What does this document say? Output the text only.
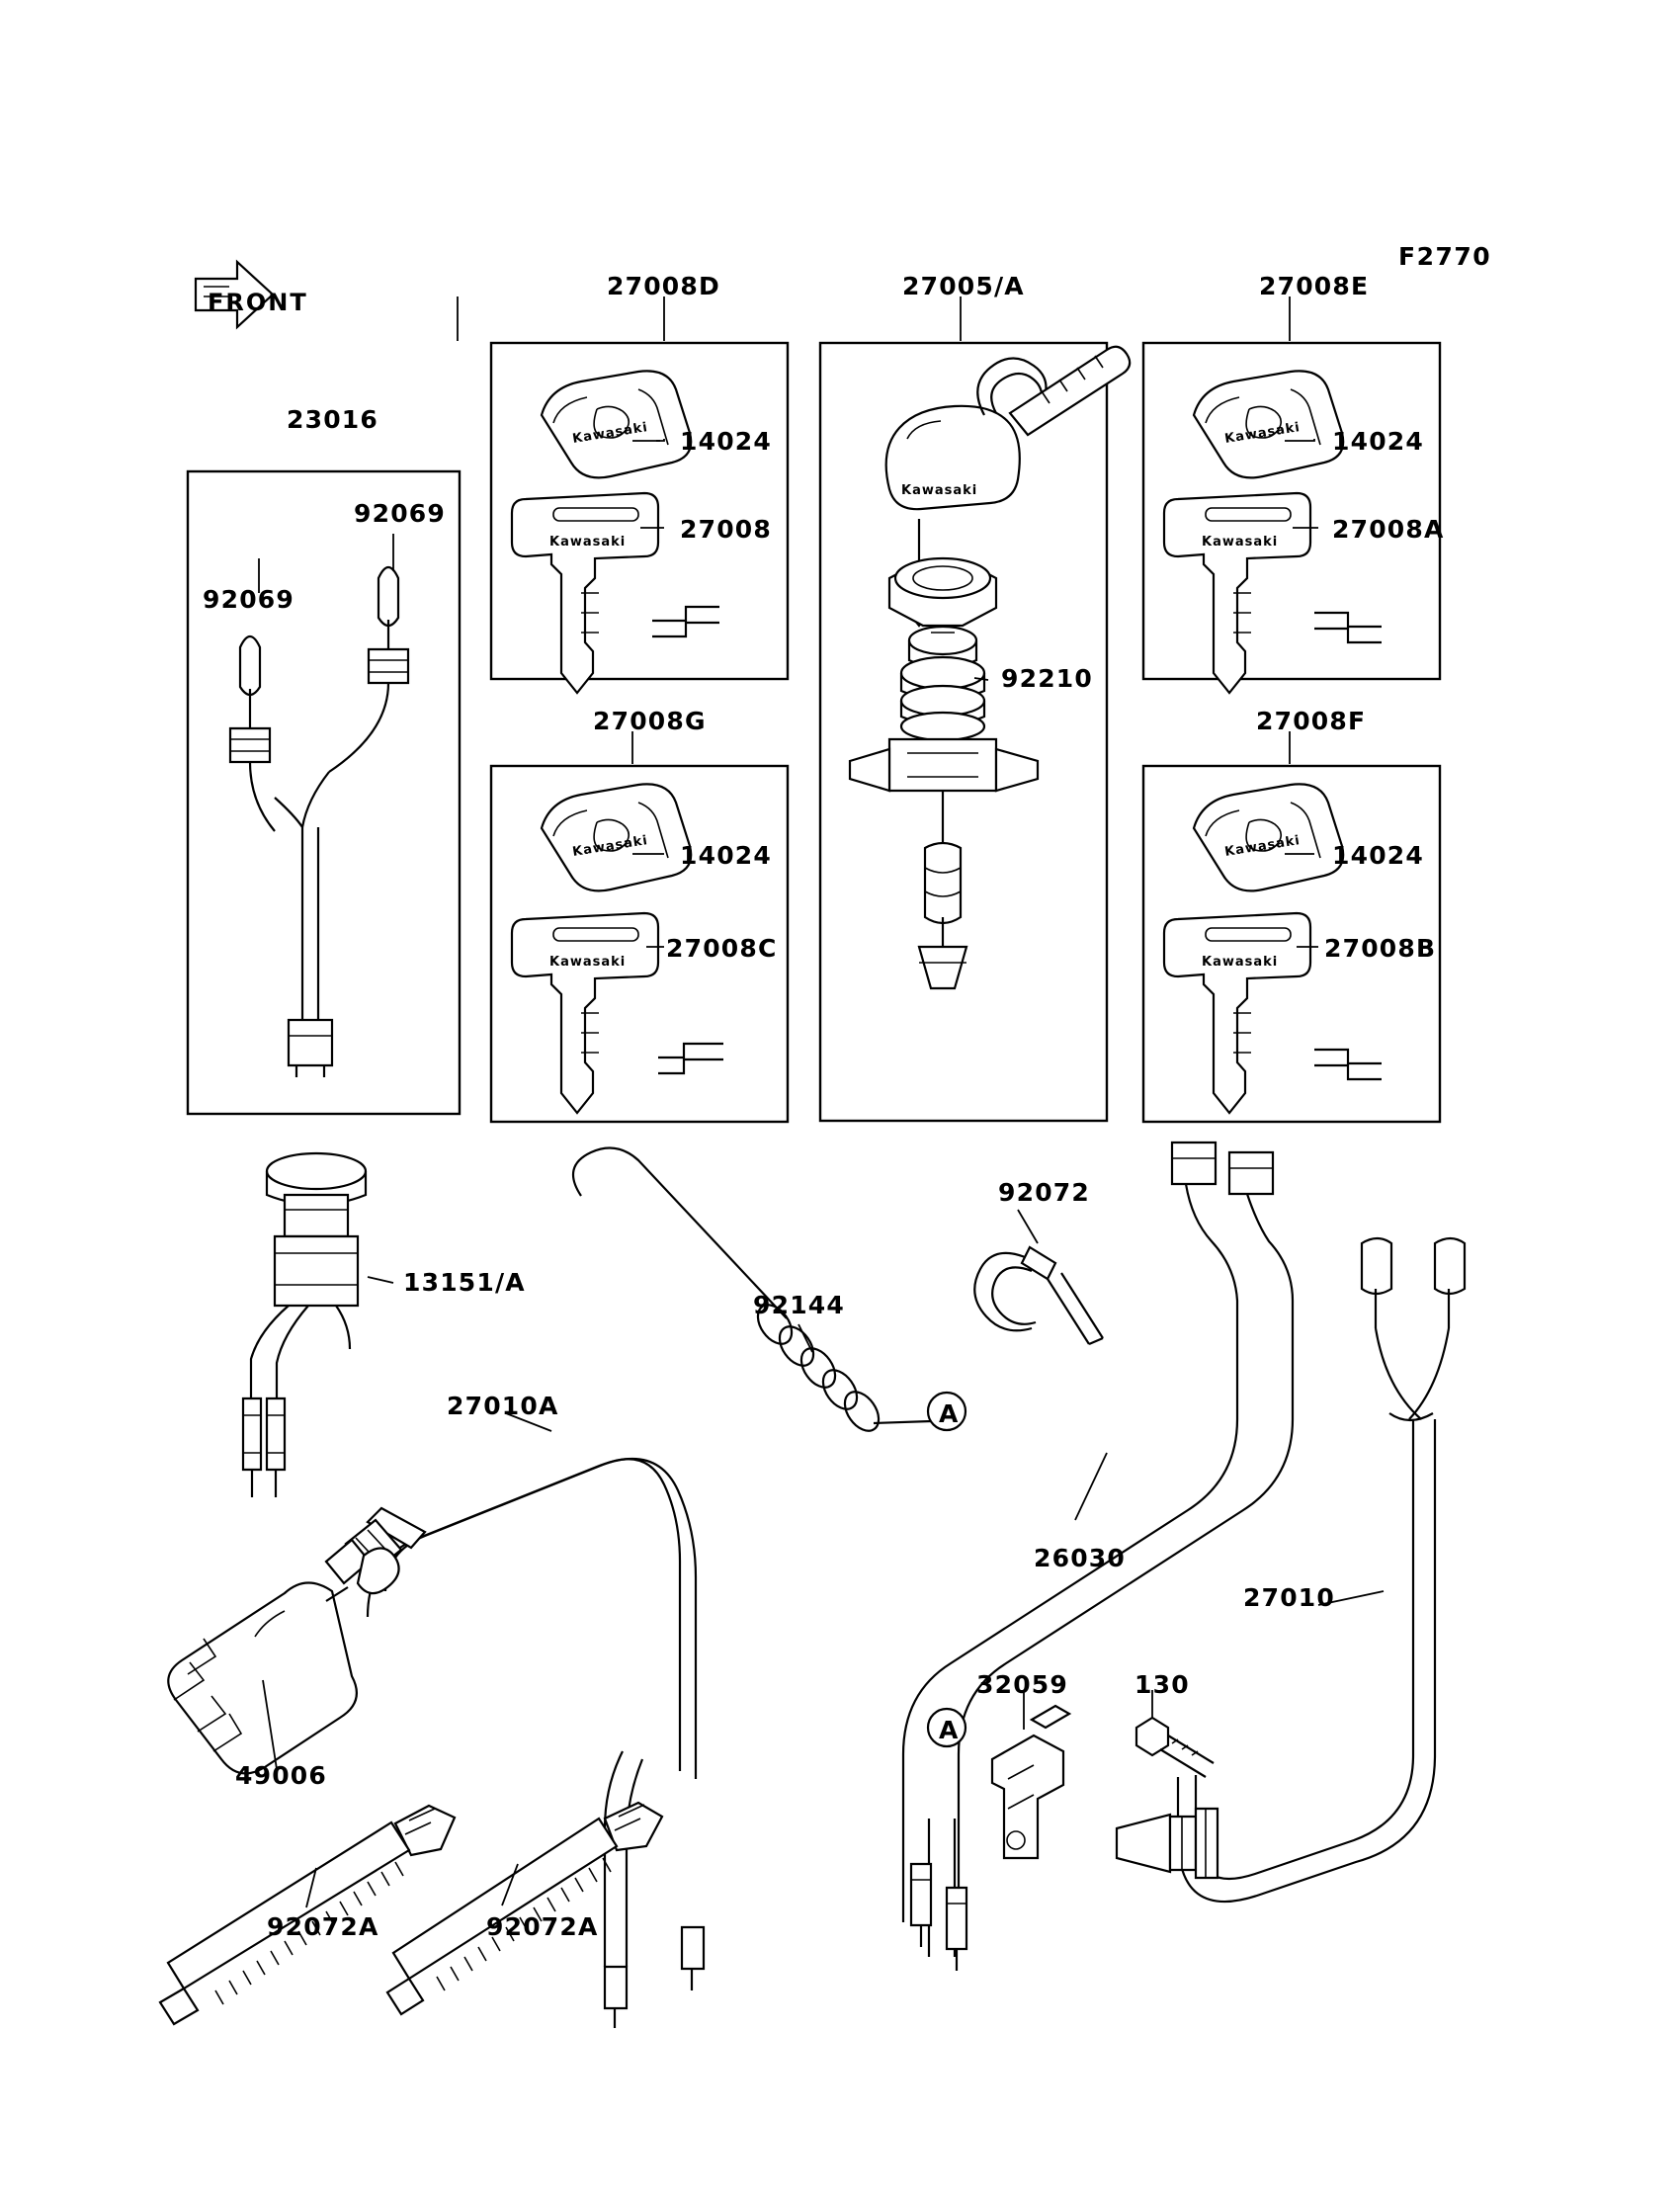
Kawasaki
Kawasaki
Kawasaki
Kawasaki
Kawasaki
Kawasaki
Kawasaki
Kawasaki
Kawasaki
F2770
23016
27008D	27005/A	27008E
27008G	27008F
92069
92069
14024
27008
14024
27008A
14024
27008C
14024
27008B
92210
13151/A
92144
92072
26030
27010
27010A
49006
92072A	92072A
32059	130
A
A
FRONT
